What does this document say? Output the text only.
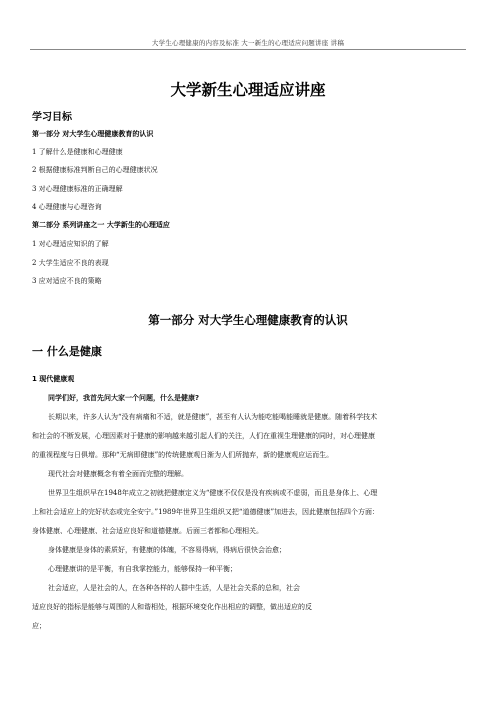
大学生心理健康的内容及标准 大一新生的心理适应问题讲座 讲稿
大学新生心理适应讲座
学习目标
第一部分 对大学生心理健康教育的认识
1 了解什么是健康和心理健康
2 根据健康标准判断自己的心理健康状况
3 对心理健康标准的正确理解
4 心理健康与心理咨询
第二部分 系列讲座之一 大学新生的心理适应
1 对心理适应知识的了解
2 大学生适应不良的表现
3 应对适应不良的策略
第一部分 对大学生心理健康教育的认识
一 什么是健康
1 现代健康观
同学们好，我首先问大家一个问题，什么是健康?
长期以来，许多人认为“没有病痛和不适，就是健康”，甚至有人认为能吃能喝能睡就是健康。随着科学技术
和社会的不断发展，心理因素对于健康的影响越来越引起人们的关注，人们在重视生理健康的同时，对心理健康
的重视程度与日俱增。那种“无病即健康”的传统健康观日渐为人们所抛弃，新的健康观应运而生。
现代社会对健康概念有着全面而完整的理解。
世界卫生组织早在1948年成立之初就把健康定义为“健康不仅仅是没有疾病或不虚弱，而且是身体上、心理
上和社会适应上的完好状态或完全安宁。”1989年世界卫生组织又把“道德健康”加进去，因此健康包括四个方面：
身体健康、心理健康、社会适应良好和道德健康。后面三者都和心理相关。
身体健康是身体的素质好，有健康的体魄，不容易得病，得病后很快会治愈；
心理健康讲的是平衡，有自我掌控能力，能够保持一种平衡；
社会适应，人是社会的人，在各种各样的人群中生活，人是社会关系的总和，社会
适应良好的指标是能够与周围的人和谐相处，根据环境变化作出相应的调整，做出适应的反
应；
